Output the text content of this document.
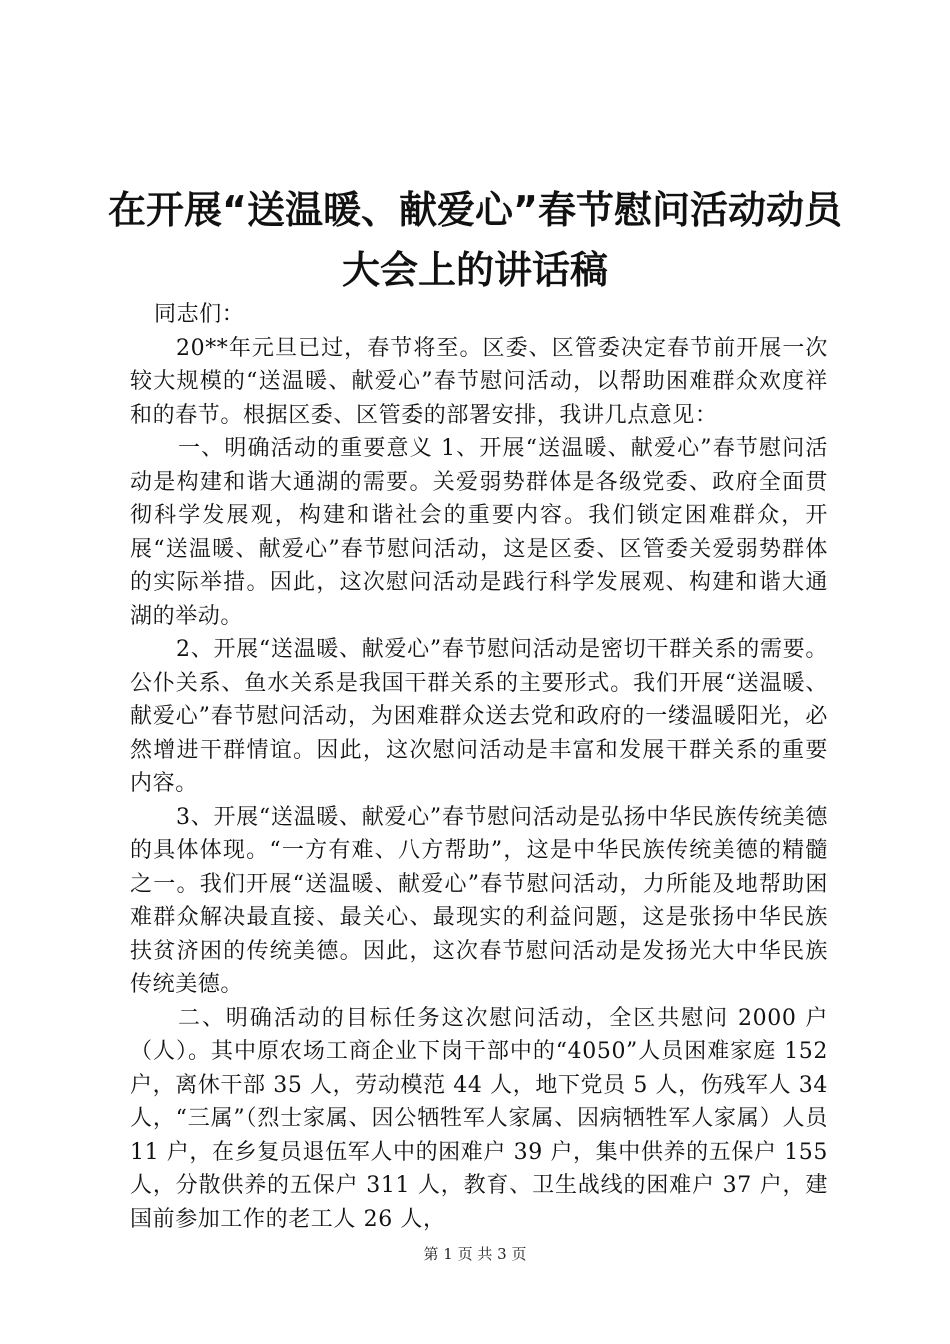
在开展“送温暖、献爱心”春节慰问活动动员
大会上的讲话稿

同志们：

20**年元旦已过，春节将至。区委、区管委决定春节前开展一次较大规模的“送温暖、献爱心”春节慰问活动，以帮助困难群众欢度祥和的春节。根据区委、区管委的部署安排，我讲几点意见：

一、明确活动的重要意义 1、开展“送温暖、献爱心”春节慰问活动是构建和谐大通湖的需要。关爱弱势群体是各级党委、政府全面贯彻科学发展观，构建和谐社会的重要内容。我们锁定困难群众，开展“送温暖、献爱心”春节慰问活动，这是区委、区管委关爱弱势群体的实际举措。因此，这次慰问活动是践行科学发展观、构建和谐大通湖的举动。

2、开展“送温暖、献爱心”春节慰问活动是密切干群关系的需要。公仆关系、鱼水关系是我国干群关系的主要形式。我们开展“送温暖、献爱心”春节慰问活动，为困难群众送去党和政府的一缕温暖阳光，必然增进干群情谊。因此，这次慰问活动是丰富和发展干群关系的重要内容。

3、开展“送温暖、献爱心”春节慰问活动是弘扬中华民族传统美德的具体体现。“一方有难、八方帮助”，这是中华民族传统美德的精髓之一。我们开展“送温暖、献爱心”春节慰问活动，力所能及地帮助困难群众解决最直接、最关心、最现实的利益问题，这是张扬中华民族扶贫济困的传统美德。因此，这次春节慰问活动是发扬光大中华民族传统美德。

二、明确活动的目标任务这次慰问活动，全区共慰问 2000 户（人）。其中原农场工商企业下岗干部中的“4050”人员困难家庭 152 户，离休干部 35 人，劳动模范 44 人，地下党员 5 人，伤残军人 34 人，“三属”（烈士家属、因公牺牲军人家属、因病牺牲军人家属）人员 11 户，在乡复员退伍军人中的困难户 39 户，集中供养的五保户 155 人，分散供养的五保户 311 人，教育、卫生战线的困难户 37 户，建国前参加工作的老工人 26 人，

第 1 页 共 3 页
